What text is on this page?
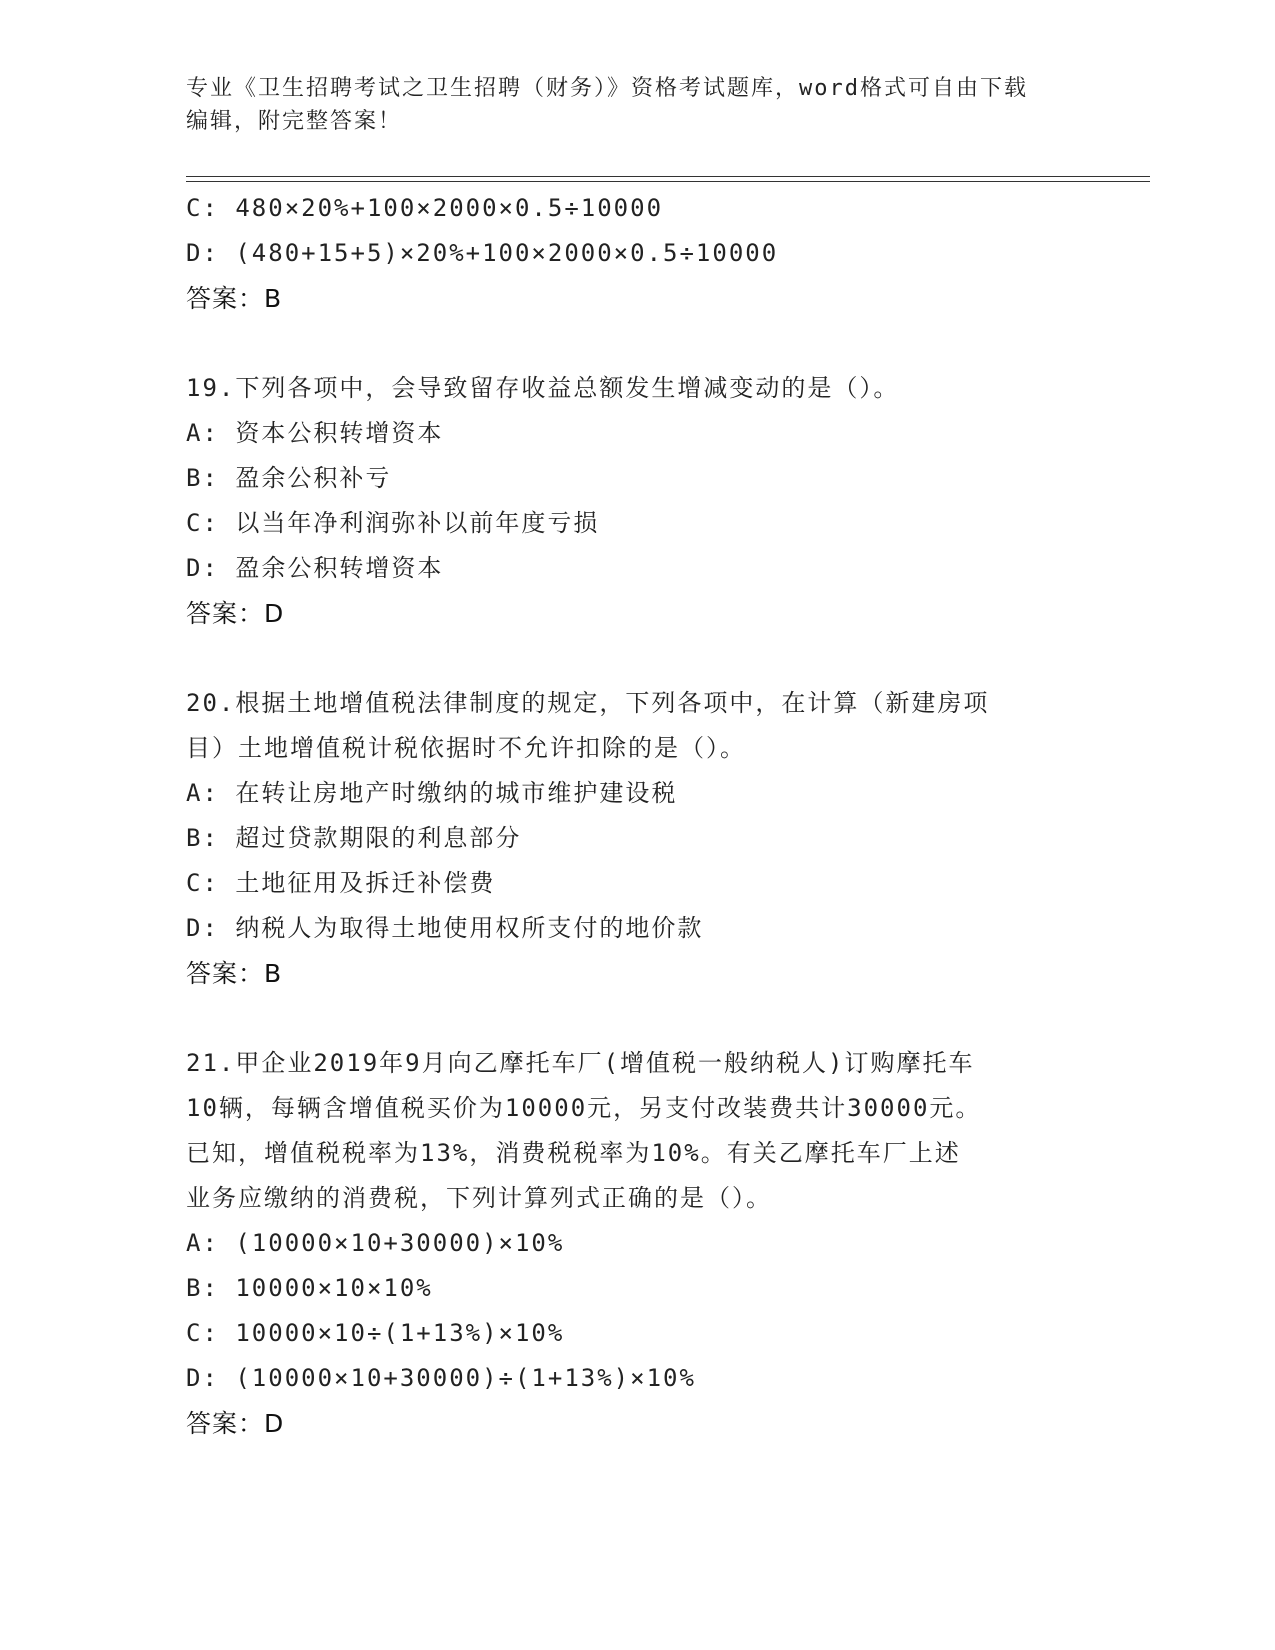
专业《卫生招聘考试之卫生招聘（财务）》资格考试题库，word格式可自由下载
编辑，附完整答案！
C: 480×20%+100×2000×0.5÷10000
D: (480+15+5)×20%+100×2000×0.5÷10000
答案：B
19.下列各项中，会导致留存收益总额发生增减变动的是（）。
A: 资本公积转增资本
B: 盈余公积补亏
C: 以当年净利润弥补以前年度亏损
D: 盈余公积转增资本
答案：D
20.根据土地增值税法律制度的规定，下列各项中，在计算（新建房项
目）土地增值税计税依据时不允许扣除的是（）。
A: 在转让房地产时缴纳的城市维护建设税
B: 超过贷款期限的利息部分
C: 土地征用及拆迁补偿费
D: 纳税人为取得土地使用权所支付的地价款
答案：B
21.甲企业2019年9月向乙摩托车厂(增值税一般纳税人)订购摩托车
10辆，每辆含增值税买价为10000元，另支付改装费共计30000元。
已知，增值税税率为13%，消费税税率为10%。有关乙摩托车厂上述
业务应缴纳的消费税，下列计算列式正确的是（）。
A: (10000×10+30000)×10%
B: 10000×10×10%
C: 10000×10÷(1+13%)×10%
D: (10000×10+30000)÷(1+13%)×10%
答案：D
